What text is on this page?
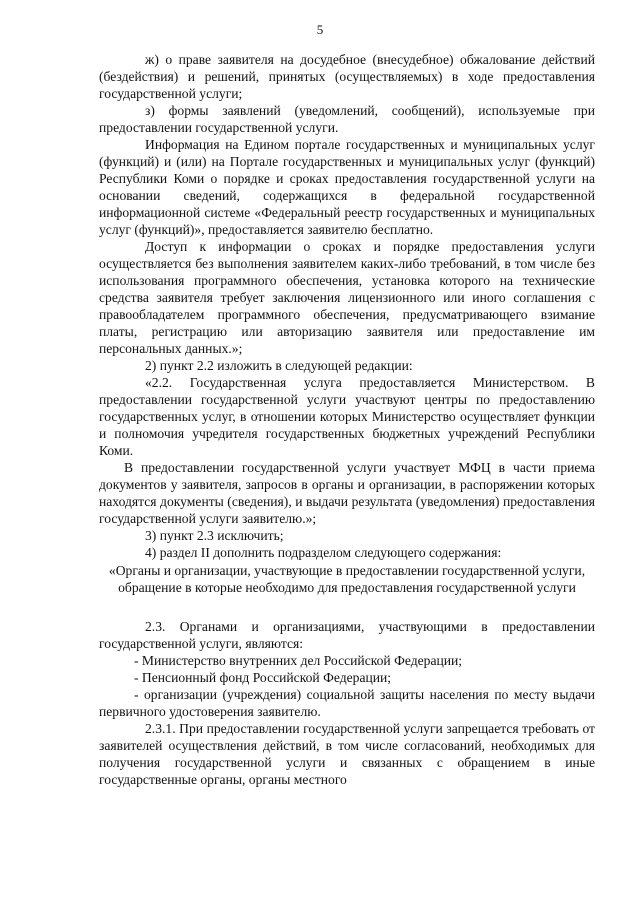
5

ж) о праве заявителя на досудебное (внесудебное) обжалование действий (бездействия) и решений, принятых (осуществляемых) в ходе предоставления государственной услуги;

з) формы заявлений (уведомлений, сообщений), используемые при предоставлении государственной услуги.

Информация на Едином портале государственных и муниципальных услуг (функций) и (или) на Портале государственных и муниципальных услуг (функций) Республики Коми о порядке и сроках предоставления государственной услуги на основании сведений, содержащихся в федеральной государственной информационной системе «Федеральный реестр государственных и муниципальных услуг (функций)», предоставляется заявителю бесплатно.

Доступ к информации о сроках и порядке предоставления услуги осуществляется без выполнения заявителем каких-либо требований, в том числе без использования программного обеспечения, установка которого на технические средства заявителя требует заключения лицензионного или иного соглашения с правообладателем программного обеспечения, предусматривающего взимание платы, регистрацию или авторизацию заявителя или предоставление им персональных данных.»;

2) пункт 2.2 изложить в следующей редакции:

«2.2. Государственная услуга предоставляется Министерством. В предоставлении государственной услуги участвуют центры по предоставлению государственных услуг, в отношении которых Министерство осуществляет функции и полномочия учредителя государственных бюджетных учреждений Республики Коми.

В предоставлении государственной услуги участвует МФЦ в части приема документов у заявителя, запросов в органы и организации, в распоряжении которых находятся документы (сведения), и выдачи результата (уведомления) предоставления государственной услуги заявителю.»;

3) пункт 2.3 исключить;

4) раздел II дополнить подразделом следующего содержания:

«Органы и организации, участвующие в предоставлении государственной услуги, обращение в которые необходимо для предоставления государственной услуги

2.3. Органами и организациями, участвующими в предоставлении государственной услуги, являются:

- Министерство внутренних дел Российской Федерации;

- Пенсионный фонд Российской Федерации;

- организации (учреждения) социальной защиты населения по месту выдачи первичного удостоверения заявителю.

2.3.1. При предоставлении государственной услуги запрещается требовать от заявителей осуществления действий, в том числе согласований, необходимых для получения государственной услуги и связанных с обращением в иные государственные органы, органы местного
